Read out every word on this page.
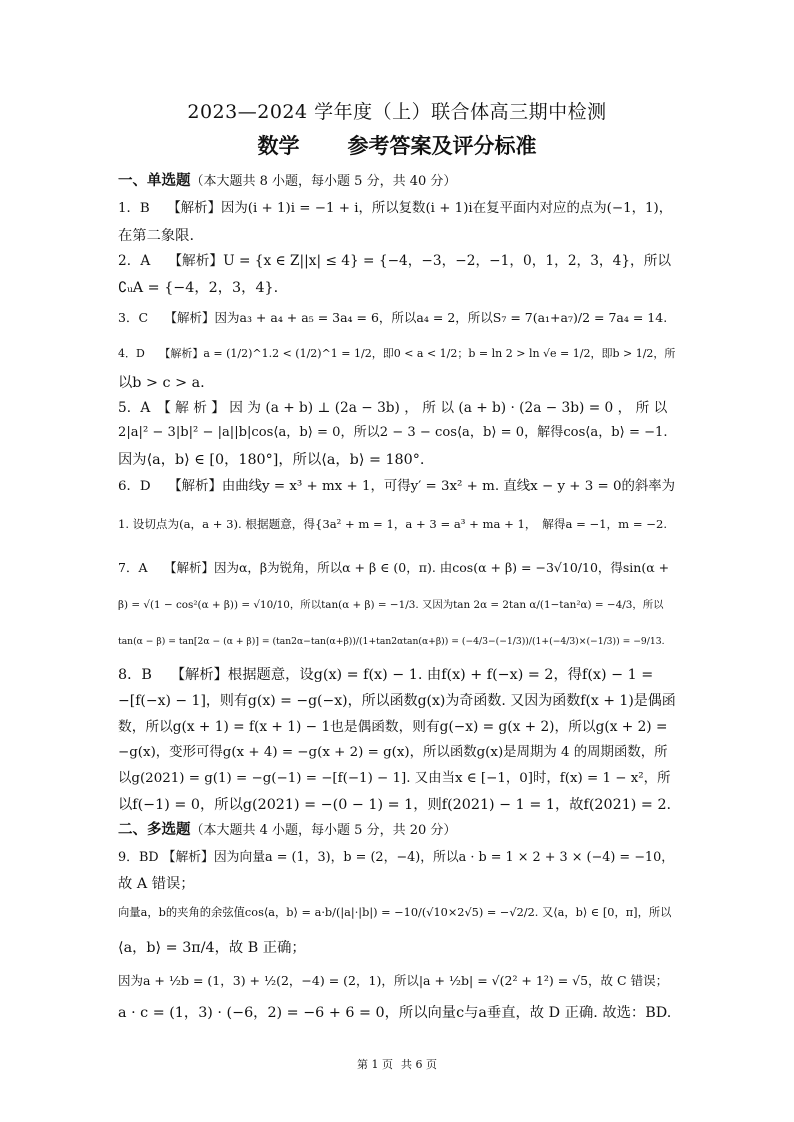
2023—2024 学年度（上）联合体高三期中检测
数学 参考答案及评分标准
一、单选题（本大题共 8 小题，每小题 5 分，共 40 分）
1．B　 【解析】因为(i + 1)i = −1 + i，所以复数(i + 1)i在复平面内对应的点为(−1，1)，
在第二象限.
2．A　 【解析】U = {x ∈ Z||x| ≤ 4} = {−4，−3，−2，−1，0，1，2，3，4}，所以
∁ᵤA = {−4，2，3，4}.
3．C　 【解析】因为a₃ + a₄ + a₅ = 3a₄ = 6，所以a₄ = 2，所以S₇ = 7(a₁+a₇)/2 = 7a₄ = 14.
4．D　 【解析】a = (1/2)^1.2 < (1/2)^1 = 1/2，即0 < a < 1/2；b = ln 2 > ln √e = 1/2，即b > 1/2，所
以b > c > a.
5．A　【 解 析 】 因 为 (a + b) ⊥ (2a − 3b) ， 所 以 (a + b) · (2a − 3b) = 0 ， 所 以
2|a|² − 3|b|² − |a||b|cos⟨a，b⟩ = 0，所以2 − 3 − cos⟨a，b⟩ = 0，解得cos⟨a，b⟩ = −1.
因为⟨a，b⟩ ∈ [0，180°]，所以⟨a，b⟩ = 180°.
6．D　 【解析】由曲线y = x³ + mx + 1，可得y′ = 3x² + m. 直线x − y + 3 = 0的斜率为
1. 设切点为(a，a + 3). 根据题意，得{3a² + m = 1，a + 3 = a³ + ma + 1，　解得a = −1，m = −2.
7．A　 【解析】因为α，β为锐角，所以α + β ∈ (0，π). 由cos(α + β) = −3√10/10，得sin(α +
β) = √(1 − cos²(α + β)) = √10/10，所以tan(α + β) = −1/3. 又因为tan 2α = 2tan α/(1−tan²α) = −4/3，所以
tan(α − β) = tan[2α − (α + β)] = (tan2α−tan(α+β))/(1+tan2αtan(α+β)) = (−4/3−(−1/3))/(1+(−4/3)×(−1/3)) = −9/13.
8．B　 【解析】根据题意，设g(x) = f(x) − 1. 由f(x) + f(−x) = 2，得f(x) − 1 =
−[f(−x) − 1]，则有g(x) = −g(−x)，所以函数g(x)为奇函数. 又因为函数f(x + 1)是偶函
数，所以g(x + 1) = f(x + 1) − 1也是偶函数，则有g(−x) = g(x + 2)，所以g(x + 2) =
−g(x)，变形可得g(x + 4) = −g(x + 2) = g(x)，所以函数g(x)是周期为 4 的周期函数，所
以g(2021) = g(1) = −g(−1) = −[f(−1) − 1]. 又由当x ∈ [−1，0]时，f(x) = 1 − x²，所
以f(−1) = 0，所以g(2021) = −(0 − 1) = 1，则f(2021) − 1 = 1，故f(2021) = 2.
二、多选题（本大题共 4 小题，每小题 5 分，共 20 分）
9．BD 【解析】因为向量a = (1，3)，b = (2，−4)，所以a · b = 1 × 2 + 3 × (−4) = −10，
故 A 错误；
向量a，b的夹角的余弦值cos⟨a，b⟩ = a·b/(|a|·|b|) = −10/(√10×2√5) = −√2/2. 又⟨a，b⟩ ∈ [0，π]，所以
⟨a，b⟩ = 3π/4，故 B 正确；
因为a + ½b = (1，3) + ½(2，−4) = (2，1)，所以|a + ½b| = √(2² + 1²) = √5，故 C 错误；
a · c = (1，3) · (−6，2) = −6 + 6 = 0，所以向量c与a垂直，故 D 正确. 故选：BD.
第 1 页 共 6 页
